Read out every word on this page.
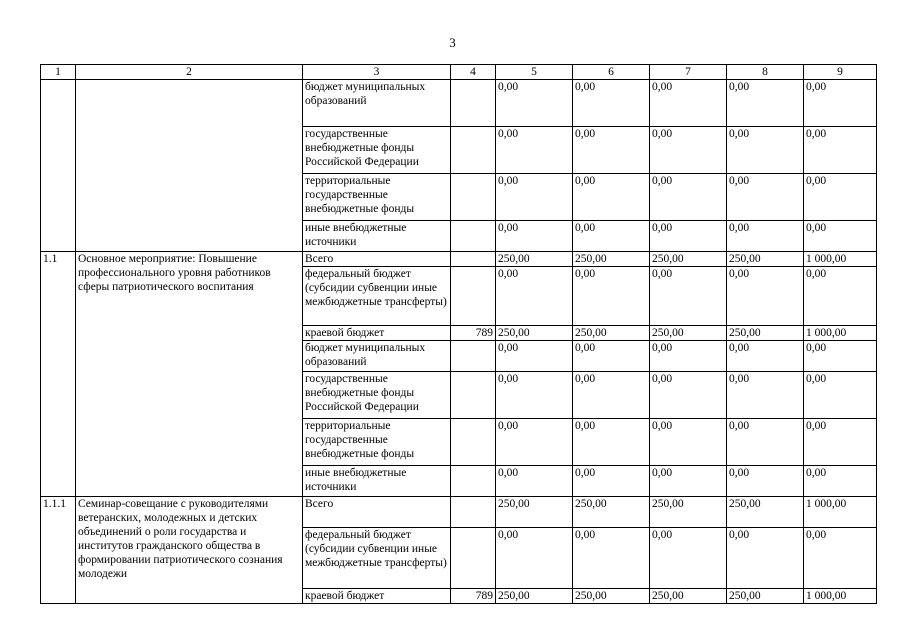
3
1	2	3	4	5	6	7	8	9
		бюджет муниципальных образований		0,00	0,00	0,00	0,00	0,00
		государственные внебюджетные фонды Российской Федерации		0,00	0,00	0,00	0,00	0,00
		территориальные государственные внебюджетные фонды		0,00	0,00	0,00	0,00	0,00
		иные внебюджетные источники		0,00	0,00	0,00	0,00	0,00
1.1	Основное мероприятие: Повышение профессионального уровня работников сферы патриотического воспитания	Всего		250,00	250,00	250,00	250,00	1 000,00
		федеральный бюджет (субсидии субвенции иные межбюджетные трансферты)		0,00	0,00	0,00	0,00	0,00
		краевой бюджет	789	250,00	250,00	250,00	250,00	1 000,00
		бюджет муниципальных образований		0,00	0,00	0,00	0,00	0,00
		государственные внебюджетные фонды Российской Федерации		0,00	0,00	0,00	0,00	0,00
		территориальные государственные внебюджетные фонды		0,00	0,00	0,00	0,00	0,00
		иные внебюджетные источники		0,00	0,00	0,00	0,00	0,00
1.1.1	Семинар-совещание с руководителями ветеранских, молодежных и детских объединений о роли государства и институтов гражданского общества в формировании патриотического сознания молодежи	Всего		250,00	250,00	250,00	250,00	1 000,00
		федеральный бюджет (субсидии субвенции иные межбюджетные трансферты)		0,00	0,00	0,00	0,00	0,00
		краевой бюджет	789	250,00	250,00	250,00	250,00	1 000,00
